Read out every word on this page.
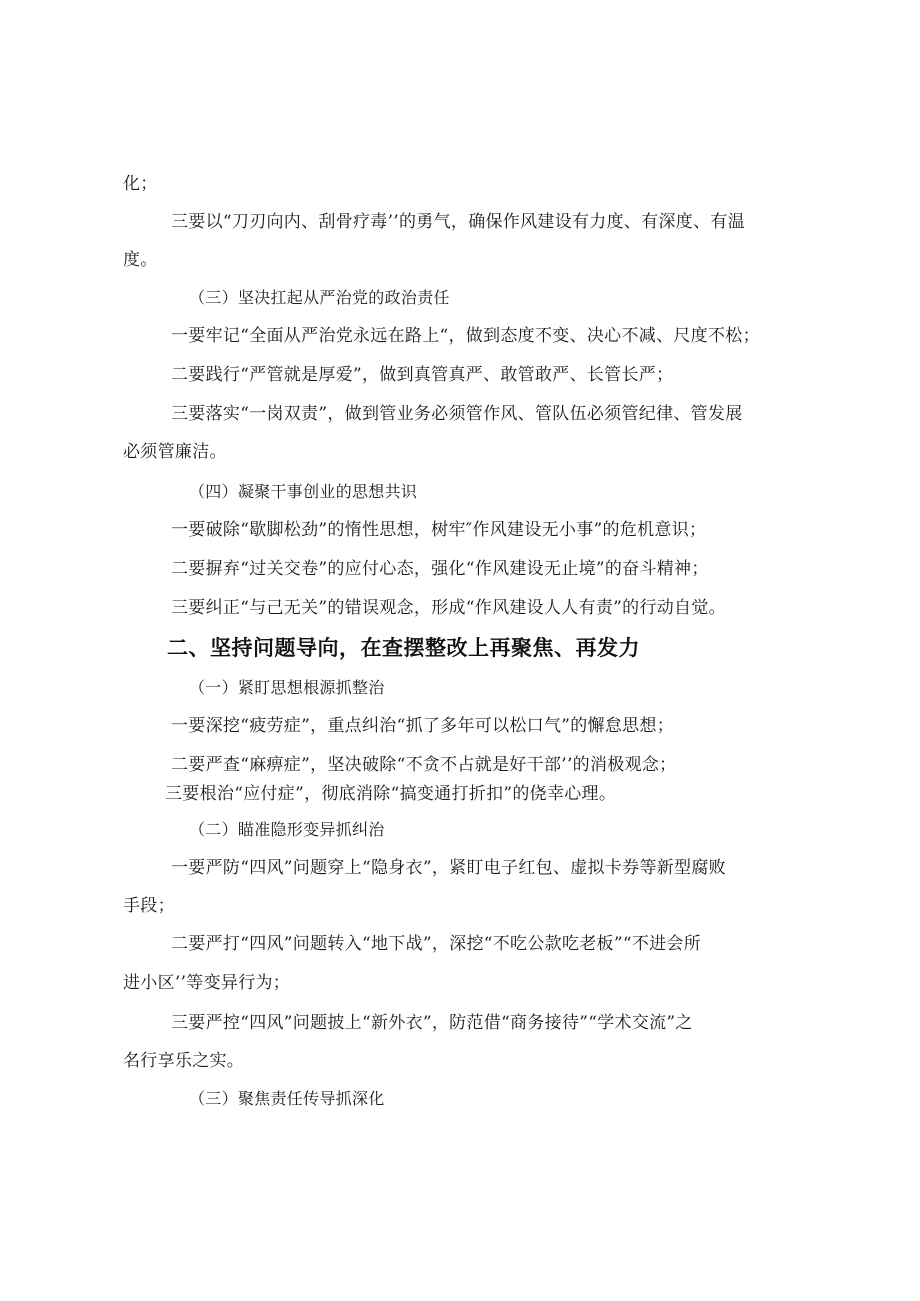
化；
三要以“刀刃向内、刮骨疗毒’’的勇气，确保作风建设有力度、有深度、有温
度。
（三）坚决扛起从严治党的政治责任
一要牢记“全面从严治党永远在路上“，做到态度不变、决心不减、尺度不松；
二要践行“严管就是厚爱”，做到真管真严、敢管敢严、长管长严；
三要落实“一岗双责”，做到管业务必须管作风、管队伍必须管纪律、管发展
必须管廉洁。
（四）凝聚干事创业的思想共识
一要破除“歇脚松劲”的惰性思想，树牢″作风建设无小事”的危机意识；
二要摒弃“过关交卷”的应付心态，强化“作风建设无止境”的奋斗精神；
三要纠正“与己无关”的错误观念，形成“作风建设人人有责”的行动自觉。
二、坚持问题导向，在查摆整改上再聚焦、再发力
（一）紧盯思想根源抓整治
一要深挖“疲劳症”，重点纠治“抓了多年可以松口气”的懈怠思想；
二要严查“麻痹症”，坚决破除“不贪不占就是好干部’’的消极观念；
三要根治“应付症”，彻底消除“搞变通打折扣”的侥幸心理。
（二）瞄准隐形变异抓纠治
一要严防“四风”问题穿上“隐身衣”，紧盯电子红包、虚拟卡券等新型腐败
手段；
二要严打“四风”问题转入“地下战”，深挖“不吃公款吃老板”“不进会所
进小区’’等变异行为；
三要严控“四风”问题披上“新外衣”，防范借“商务接待”“学术交流”之
名行享乐之实。
（三）聚焦责任传导抓深化
